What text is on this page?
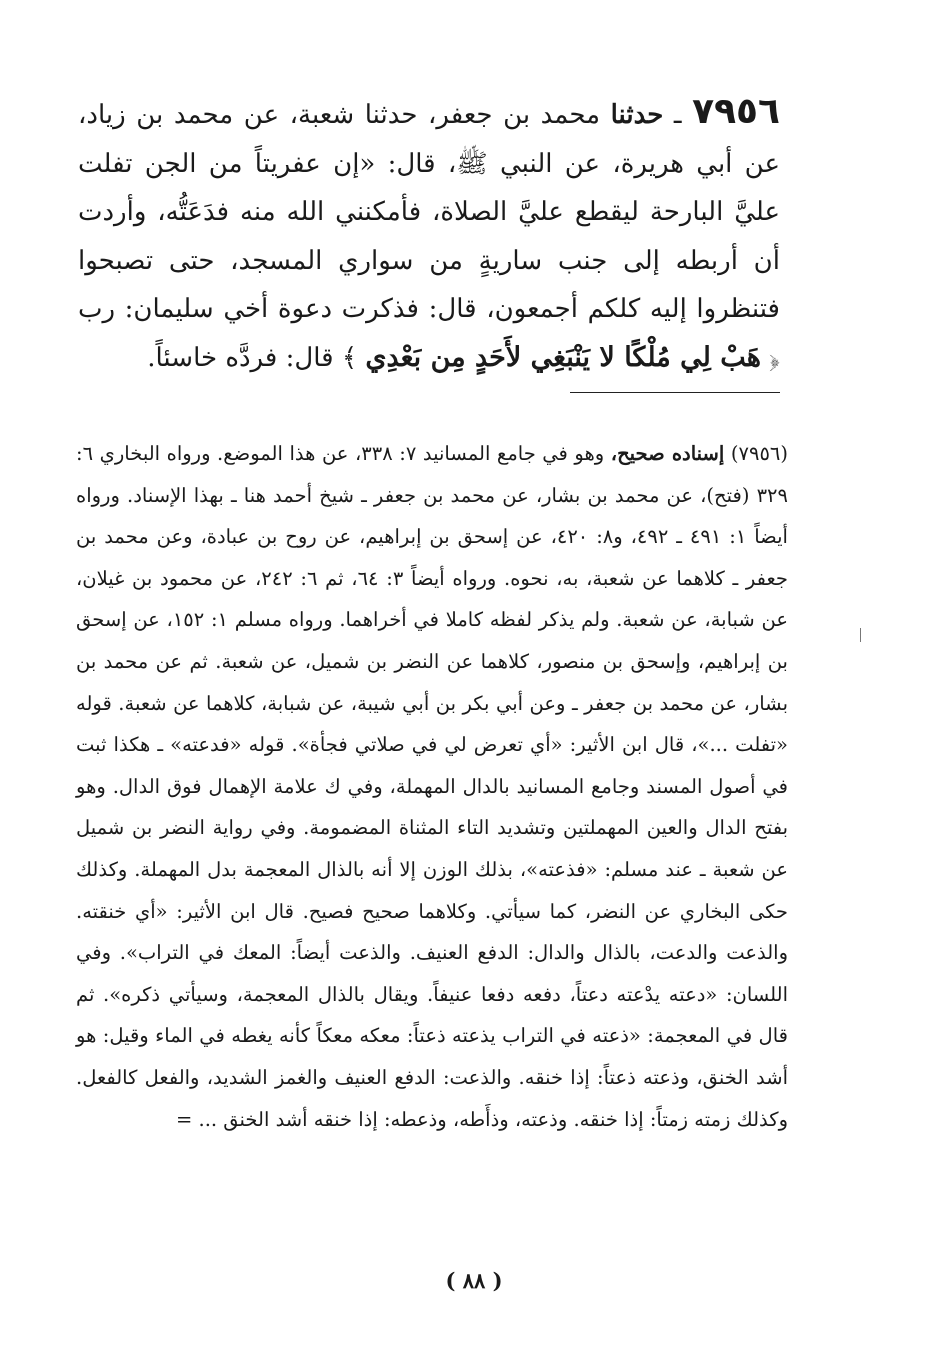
٧٩٥٦ ـ حدثنا محمد بن جعفر، حدثنا شعبة، عن محمد بن زياد، عن أبي هريرة، عن النبي ﷺ، قال: «إن عفريتاً من الجن تفلت عليَّ البارحة ليقطع عليَّ الصلاة، فأمكنني الله منه فدَعَتُّه، وأردت أن أربطه إلى جنب ساريةٍ من سواري المسجد، حتى تصبحوا فتنظروا إليه كلكم أجمعون، قال: فذكرت دعوة أخي سليمان: رب ﴿ هَبْ لِي مُلْكًا لا يَنْبَغِي لأَحَدٍ مِن بَعْدِي ﴾ قال: فردَّه خاسئاً.

(٧٩٥٦) إسناده صحيح، وهو في جامع المسانيد ٧: ٣٣٨، عن هذا الموضع. ورواه البخاري ٦: ٣٢٩ (فتح)، عن محمد بن بشار، عن محمد بن جعفر ـ شيخ أحمد هنا ـ بهذا الإسناد. ورواه أيضاً ١: ٤٩١ ـ ٤٩٢، و٨: ٤٢٠، عن إسحق بن إبراهيم، عن روح بن عبادة، وعن محمد بن جعفر ـ كلاهما عن شعبة، به، نحوه. ورواه أيضاً ٣: ٦٤، ثم ٦: ٢٤٢، عن محمود بن غيلان، عن شبابة، عن شعبة. ولم يذكر لفظه كاملا في أخراهما. ورواه مسلم ١: ١٥٢، عن إسحق بن إبراهيم، وإسحق بن منصور، كلاهما عن النضر بن شميل، عن شعبة. ثم عن محمد بن بشار، عن محمد بن جعفر ـ وعن أبي بكر بن أبي شيبة، عن شبابة، كلاهما عن شعبة. قوله «تفلت ...»، قال ابن الأثير: «أي تعرض لي في صلاتي فجأة». قوله «فدعته» ـ هكذا ثبت في أصول المسند وجامع المسانيد بالدال المهملة، وفي ك علامة الإهمال فوق الدال. وهو بفتح الدال والعين المهملتين وتشديد التاء المثناة المضمومة. وفي رواية النضر بن شميل عن شعبة ـ عند مسلم: «فذعته»، بذلك الوزن إلا أنه بالذال المعجمة بدل المهملة. وكذلك حكى البخاري عن النضر، كما سيأتي. وكلاهما صحيح فصيح. قال ابن الأثير: «أي خنقته. والذعت والدعت، بالذال والدال: الدفع العنيف. والذعت أيضاً: المعك في التراب». وفي اللسان: «دعته يدْعته دعتاً، دفعه دفعا عنيفاً. ويقال بالذال المعجمة، وسيأتي ذكره». ثم قال في المعجمة: «ذعته في التراب يذعته ذعتاً: معكه معكاً كأنه يغطه في الماء وقيل: هو أشد الخنق، وذعته ذعتاً: إذا خنقه. والذعت: الدفع العنيف والغمز الشديد، والفعل كالفعل. وكذلك زمته زمتاً: إذا خنقه. وذعته، وذأَطه، وذعطه: إذا خنقه أشد الخنق ... =

( ٨٨ )
